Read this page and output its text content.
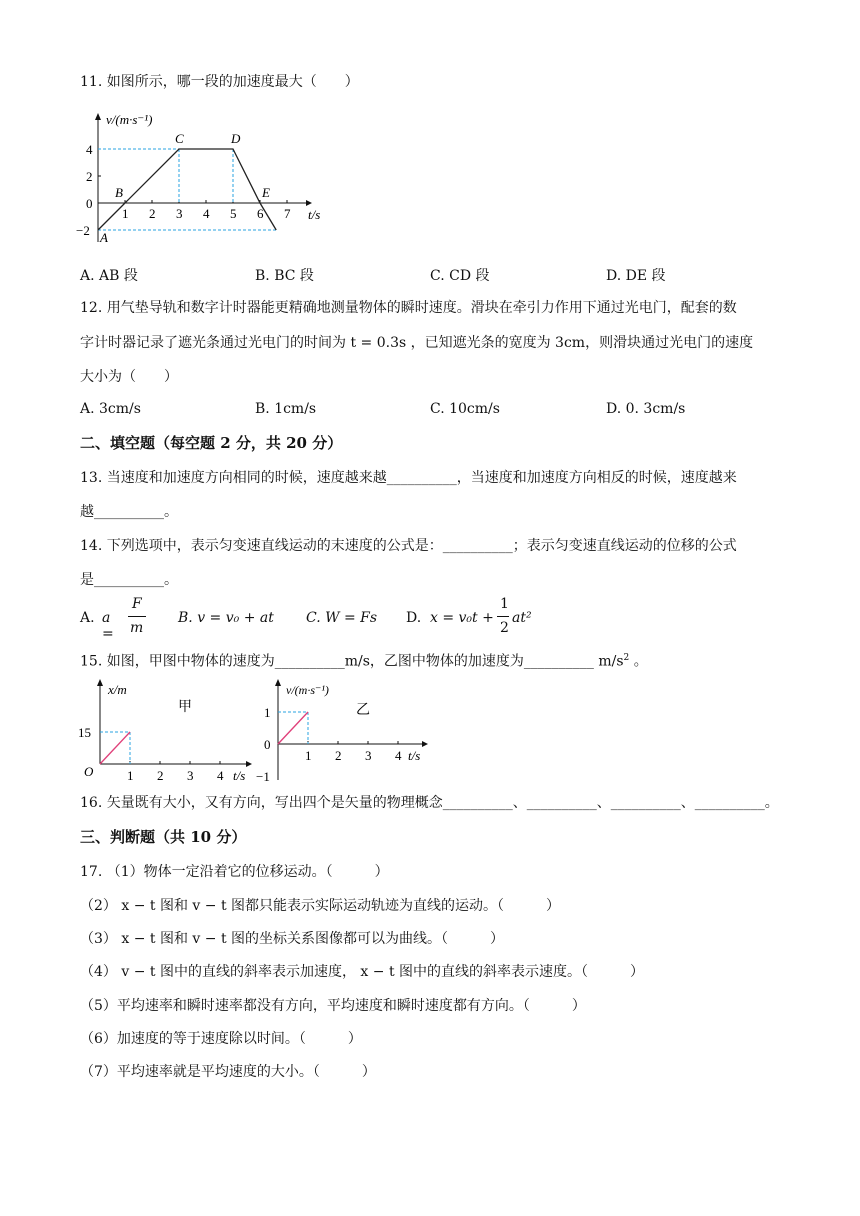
11. 如图所示，哪一段的加速度最大（　　）
v/(m·s⁻¹)
t/s
1 2 3 4 5 6 7
4
2
0
−2 A
B
C	D
E
A. AB 段	B. BC 段	C. CD 段	D. DE 段
12. 用气垫导轨和数字计时器能更精确地测量物体的瞬时速度。滑块在牵引力作用下通过光电门，配套的数
字计时器记录了遮光条通过光电门的时间为 t = 0.3s ，已知遮光条的宽度为 3cm，则滑块通过光电门的速度
大小为（　　）
A. 3cm/s	B. 1cm/s	C. 10cm/s	D. 0. 3cm/s
二、填空题（每空题 2 分，共 20 分）
13. 当速度和加速度方向相同的时候，速度越来越__________，当速度和加速度方向相反的时候，速度越来
越__________。
14. 下列选项中，表示匀变速直线运动的末速度的公式是：__________；表示匀变速直线运动的位移的公式
是__________。
A. a =
F
m
B. v = v₀ + at C. W = Fs D. x = v₀t +
1
2
at²
15. 如图，甲图中物体的速度为__________m/s，乙图中物体的加速度为__________ $m/s^2$ 。
x/m
t/s
甲
O	1 2 3 4
15
v/(m·s⁻¹)
t/s
乙
1 2 3 4
1
0
−1
16. 矢量既有大小，又有方向，写出四个是矢量的物理概念__________、__________、__________、__________。
三、判断题（共 10 分）
17. （1）物体一定沿着它的位移运动。（　　　）
（2） x − t 图和 v − t 图都只能表示实际运动轨迹为直线的运动。（　　　）
（3） x − t 图和 v − t 图的坐标关系图像都可以为曲线。（　　　）
（4） v − t 图中的直线的斜率表示加速度， x − t 图中的直线的斜率表示速度。（　　　）
（5）平均速率和瞬时速率都没有方向，平均速度和瞬时速度都有方向。（　　　）
（6）加速度的等于速度除以时间。（　　　）
（7）平均速率就是平均速度的大小。（　　　）
